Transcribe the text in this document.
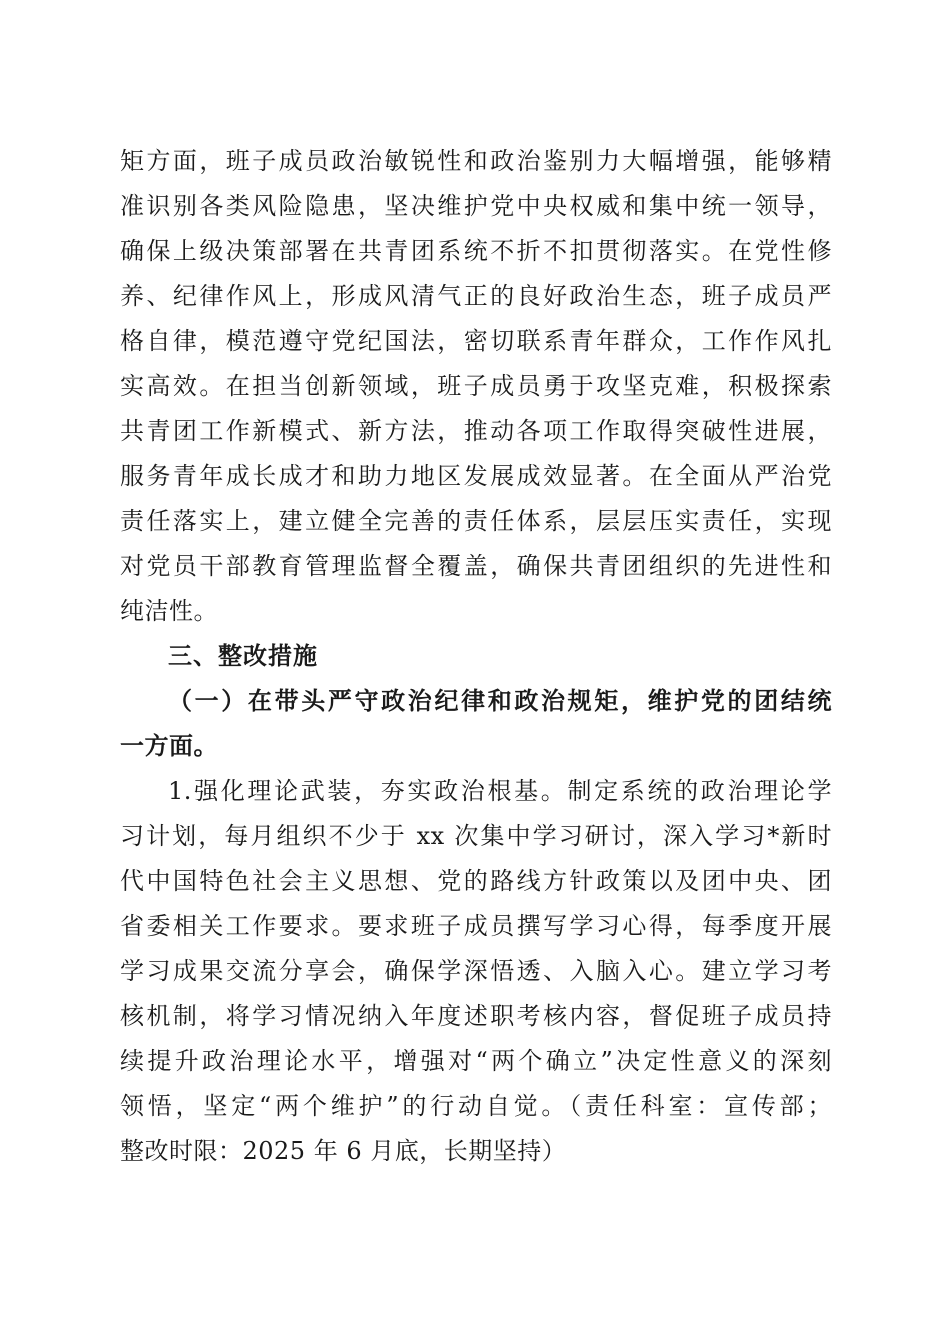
矩方面，班子成员政治敏锐性和政治鉴别力大幅增强，能够精
准识别各类风险隐患，坚决维护党中央权威和集中统一领导，
确保上级决策部署在共青团系统不折不扣贯彻落实。在党性修
养、纪律作风上，形成风清气正的良好政治生态，班子成员严
格自律，模范遵守党纪国法，密切联系青年群众，工作作风扎
实高效。在担当创新领域，班子成员勇于攻坚克难，积极探索
共青团工作新模式、新方法，推动各项工作取得突破性进展，
服务青年成长成才和助力地区发展成效显著。在全面从严治党
责任落实上，建立健全完善的责任体系，层层压实责任，实现
对党员干部教育管理监督全覆盖，确保共青团组织的先进性和
纯洁性。
三、整改措施
（一）在带头严守政治纪律和政治规矩，维护党的团结统
一方面。
1.强化理论武装，夯实政治根基。制定系统的政治理论学
习计划，每月组织不少于 xx 次集中学习研讨，深入学习*新时
代中国特色社会主义思想、党的路线方针政策以及团中央、团
省委相关工作要求。要求班子成员撰写学习心得，每季度开展
学习成果交流分享会，确保学深悟透、入脑入心。建立学习考
核机制，将学习情况纳入年度述职考核内容，督促班子成员持
续提升政治理论水平，增强对“两个确立”决定性意义的深刻
领悟，坚定“两个维护”的行动自觉。（责任科室：宣传部；
整改时限：2025 年 6 月底，长期坚持）
